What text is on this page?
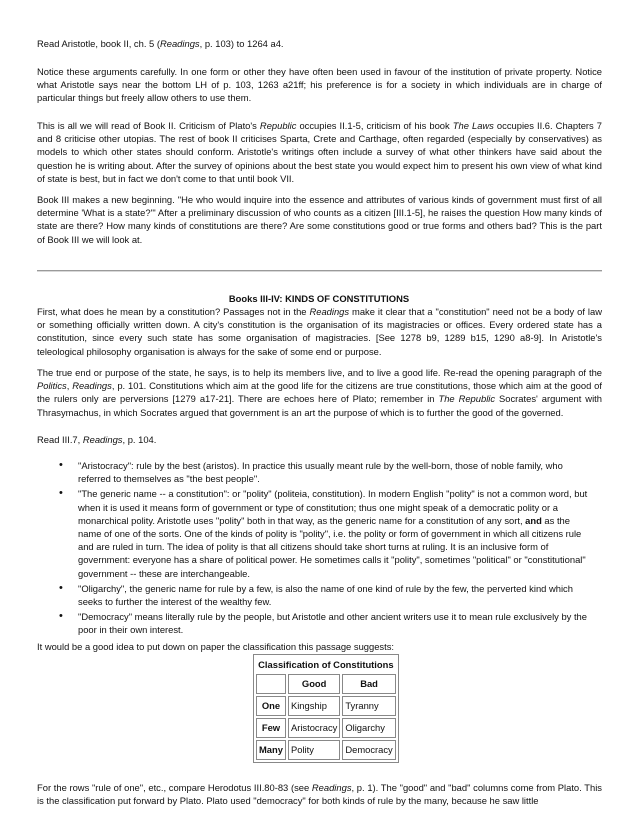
Read Aristotle, book II, ch. 5 (Readings, p. 103) to 1264 a4.

Notice these arguments carefully. In one form or other they have often been used in favour of the institution of private property. Notice what Aristotle says near the bottom LH of p. 103, 1263 a21ff; his preference is for a society in which individuals are in charge of particular things but freely allow others to use them.

This is all we will read of Book II. Criticism of Plato's Republic occupies II.1-5, criticism of his book The Laws occupies II.6. Chapters 7 and 8 criticise other utopias. The rest of book II criticises Sparta, Crete and Carthage, often regarded (especially by conservatives) as models to which other states should conform. Aristotle's writings often include a survey of what other thinkers have said about the question he is writing about. After the survey of opinions about the best state you would expect him to present his own view of what kind of state is best, but in fact we don't come to that until book VII.

Book III makes a new beginning. "He who would inquire into the essence and attributes of various kinds of government must first of all determine 'What is a state?'" After a preliminary discussion of who counts as a citizen [III.1-5], he raises the question How many kinds of state are there? How many kinds of constitutions are there? Are some constitutions good or true forms and others bad? This is the part of Book III we will look at.

Books III-IV: KINDS OF CONSTITUTIONS

First, what does he mean by a constitution? Passages not in the Readings make it clear that a "constitution" need not be a body of law or something officially written down. A city's constitution is the organisation of its magistracies or offices. Every ordered state has a constitution, since every such state has some organisation of magistracies. [See 1278 b9, 1289 b15, 1290 a8-9]. In Aristotle's teleological philosophy organisation is always for the sake of some end or purpose.

The true end or purpose of the state, he says, is to help its members live, and to live a good life. Re-read the opening paragraph of the Politics, Readings, p. 101. Constitutions which aim at the good life for the citizens are true constitutions, those which aim at the good of the rulers only are perversions [1279 a17-21]. There are echoes here of Plato; remember in The Republic Socrates' argument with Thrasymachus, in which Socrates argued that government is an art the purpose of which is to further the good of the governed.

Read III.7, Readings, p. 104.

• "Aristocracy": rule by the best (aristos). In practice this usually meant rule by the well-born, those of noble family, who referred to themselves as "the best people".
• "The generic name -- a constitution": or "polity" (politeia, constitution). In modern English "polity" is not a common word, but when it is used it means form of government or type of constitution; thus one might speak of a democratic polity or a monarchical polity. Aristotle uses "polity" both in that way, as the generic name for a constitution of any sort, and as the name of one of the sorts. One of the kinds of polity is "polity", i.e. the polity or form of government in which all citizens rule and are ruled in turn. The idea of polity is that all citizens should take short turns at ruling. It is an inclusive form of government: everyone has a share of political power. He sometimes calls it "polity", sometimes "political" or "constitutional" government -- these are interchangeable.
• "Oligarchy", the generic name for rule by a few, is also the name of one kind of rule by the few, the perverted kind which seeks to further the interest of the wealthy few.
• "Democracy" means literally rule by the people, but Aristotle and other ancient writers use it to mean rule exclusively by the poor in their own interest.

It would be a good idea to put down on paper the classification this passage suggests:

Classification of Constitutions		
	Good	Bad
One	Kingship	Tyranny
Few	Aristocracy	Oligarchy
Many	Polity	Democracy

For the rows "rule of one", etc., compare Herodotus III.80-83 (see Readings, p. 1). The "good" and "bad" columns come from Plato. This is the classification put forward by Plato. Plato used "democracy" for both kinds of rule by the many, because he saw little
